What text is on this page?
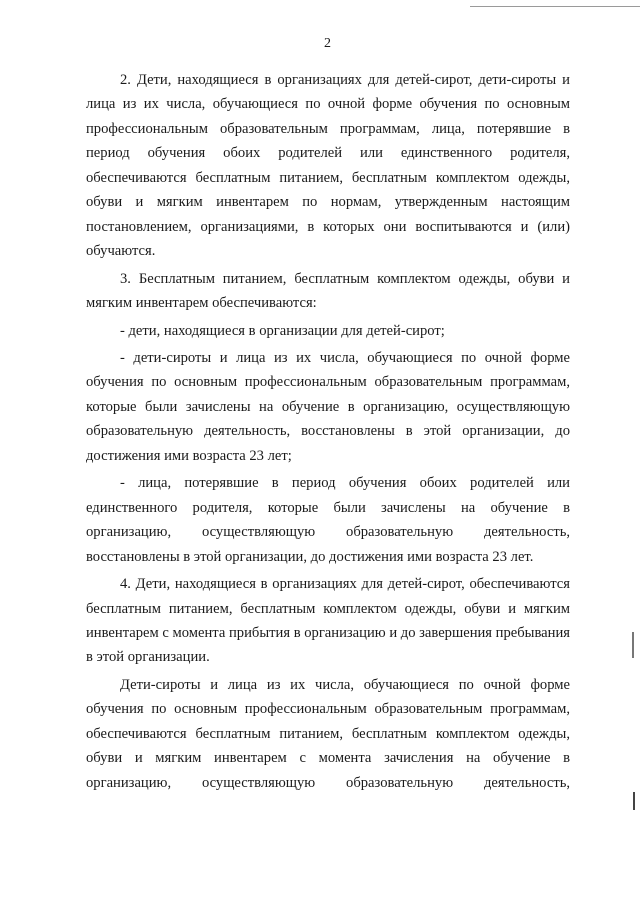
2

2. Дети, находящиеся в организациях для детей-сирот, дети-сироты и лица из их числа, обучающиеся по очной форме обучения по основным профессиональным образовательным программам, лица, потерявшие в период обучения обоих родителей или единственного родителя, обеспечиваются бесплатным питанием, бесплатным комплектом одежды, обуви и мягким инвентарем по нормам, утвержденным настоящим постановлением, организациями, в которых они воспитываются и (или) обучаются.

3. Бесплатным питанием, бесплатным комплектом одежды, обуви и мягким инвентарем обеспечиваются:

- дети, находящиеся в организации для детей-сирот;

- дети-сироты и лица из их числа, обучающиеся по очной форме обучения по основным профессиональным образовательным программам, которые были зачислены на обучение в организацию, осуществляющую образовательную деятельность, восстановлены в этой организации, до достижения ими возраста 23 лет;

- лица, потерявшие в период обучения обоих родителей или единственного родителя, которые были зачислены на обучение в организацию, осуществляющую образовательную деятельность, восстановлены в этой организации, до достижения ими возраста 23 лет.

4. Дети, находящиеся в организациях для детей-сирот, обеспечиваются бесплатным питанием, бесплатным комплектом одежды, обуви и мягким инвентарем с момента прибытия в организацию и до завершения пребывания в этой организации.

Дети-сироты и лица из их числа, обучающиеся по очной форме обучения по основным профессиональным образовательным программам, обеспечиваются бесплатным питанием, бесплатным комплектом одежды, обуви и мягким инвентарем с момента зачисления на обучение в организацию, осуществляющую образовательную деятельность,
